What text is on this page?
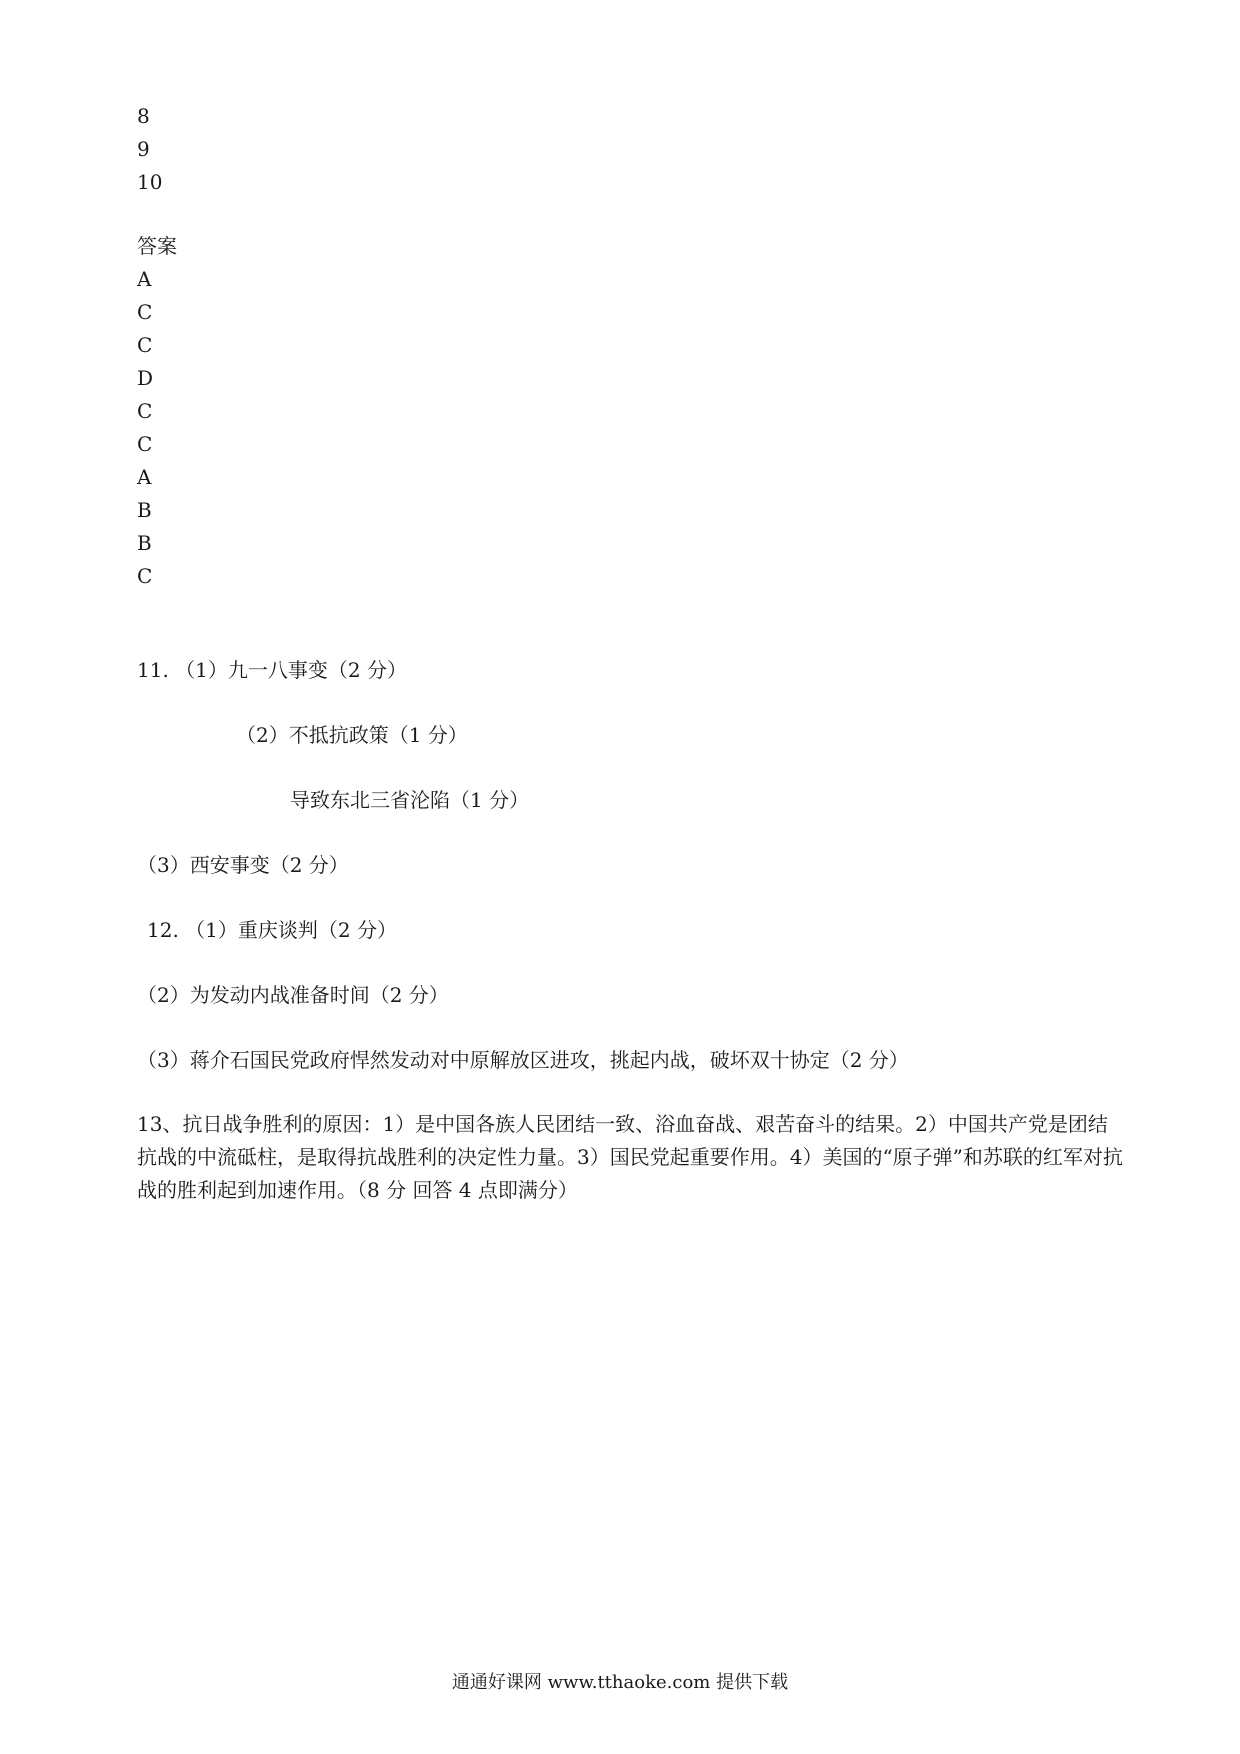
8
9
10
答案
A
C
C
D
C
C
A
B
B
C
11. （1）九一八事变（2 分）
（2）不抵抗政策（1 分）
导致东北三省沦陷（1 分）
（3）西安事变（2 分）
12. （1）重庆谈判（2 分）
（2）为发动内战准备时间（2 分）
（3）蒋介石国民党政府悍然发动对中原解放区进攻，挑起内战，破坏双十协定（2 分）
13、抗日战争胜利的原因：1）是中国各族人民团结一致、浴血奋战、艰苦奋斗的结果。2）中国共产党是团结抗战的中流砥柱，是取得抗战胜利的决定性力量。3）国民党起重要作用。4）美国的“原子弹”和苏联的红军对抗战的胜利起到加速作用。（8 分 回答 4 点即满分）
通通好课网 www.tthaoke.com 提供下载
